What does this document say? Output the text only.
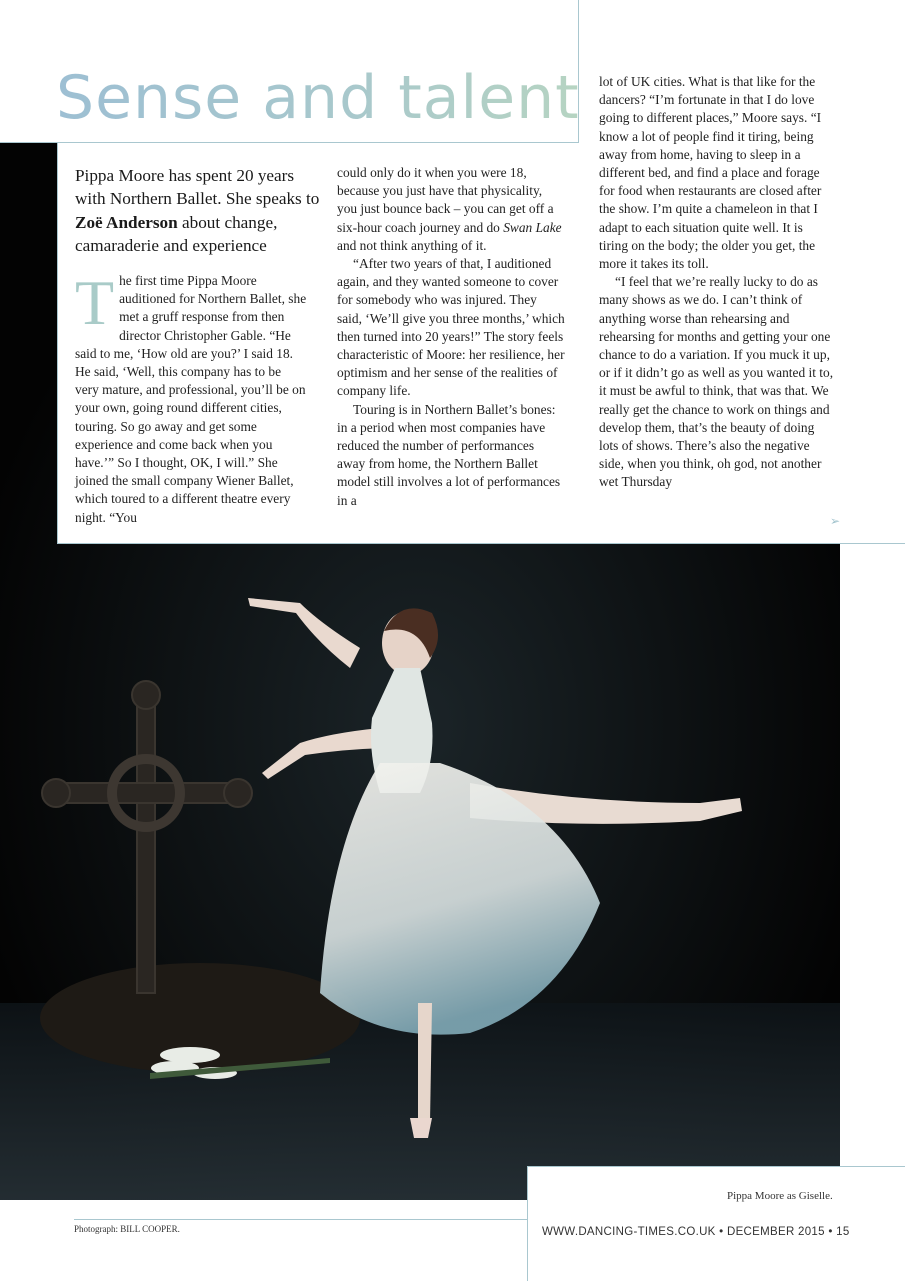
Sense and talent

Pippa Moore has spent 20 years with Northern Ballet. She speaks to Zoë Anderson about change, camaraderie and experience

The first time Pippa Moore auditioned for Northern Ballet, she met a gruff response from then director Christopher Gable. “He said to me, ‘How old are you?’ I said 18. He said, ‘Well, this company has to be very mature, and professional, you’ll be on your own, going round different cities, touring. So go away and get some experience and come back when you have.’” So I thought, OK, I will.” She joined the small company Wiener Ballet, which toured to a different theatre every night. “You

could only do it when you were 18, because you just have that physicality, you just bounce back – you can get off a six-hour coach journey and do Swan Lake and not think anything of it.

“After two years of that, I auditioned again, and they wanted someone to cover for somebody who was injured. They said, ‘We’ll give you three months,’ which then turned into 20 years!” The story feels characteristic of Moore: her resilience, her optimism and her sense of the realities of company life.

Touring is in Northern Ballet’s bones: in a period when most companies have reduced the number of performances away from home, the Northern Ballet model still involves a lot of performances in a

lot of UK cities. What is that like for the dancers? “I’m fortunate in that I do love going to different places,” Moore says. “I know a lot of people find it tiring, being away from home, having to sleep in a different bed, and find a place and forage for food when restaurants are closed after the show. I’m quite a chameleon in that I adapt to each situation quite well. It is tiring on the body; the older you get, the more it takes its toll.

“I feel that we’re really lucky to do as many shows as we do. I can’t think of anything worse than rehearsing and rehearsing for months and getting your one chance to do a variation. If you muck it up, or if it didn’t go as well as you wanted it to, it must be awful to think, that was that. We really get the chance to work on things and develop them, that’s the beauty of doing lots of shows. There’s also the negative side, when you think, oh god, not another wet Thursday

➢

Pippa Moore as Giselle.

Photograph: BILL COOPER.	WWW.DANCING-TIMES.CO.UK • DECEMBER 2015 • 15
